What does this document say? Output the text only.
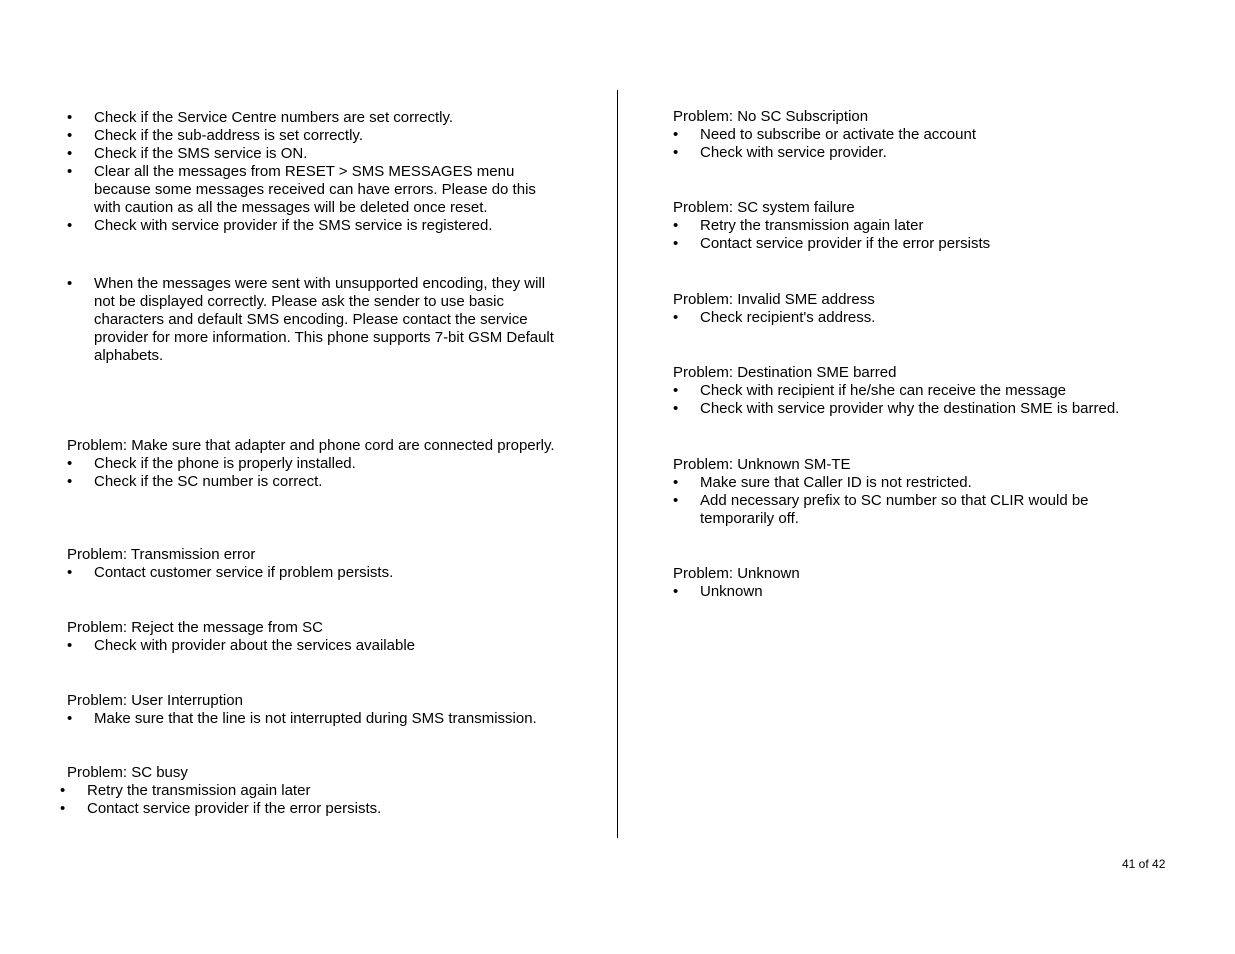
• Check if the Service Centre numbers are set correctly.
• Check if the sub-address is set correctly.
• Check if the SMS service is ON.
• Clear all the messages from RESET > SMS MESSAGES menu because some messages received can have errors. Please do this with caution as all the messages will be deleted once reset.
• Check with service provider if the SMS service is registered.
• When the messages were sent with unsupported encoding, they will not be displayed correctly. Please ask the sender to use basic characters and default SMS encoding. Please contact the service provider for more information. This phone supports 7-bit GSM Default alphabets.

Problem: Make sure that adapter and phone cord are connected properly.

• Check if the phone is properly installed.
• Check if the SC number is correct.

Problem: Transmission error

• Contact customer service if problem persists.

Problem: Reject the message from SC

• Check with provider about the services available

Problem: User Interruption

• Make sure that the line is not interrupted during SMS transmission.

Problem: SC busy

• Retry the transmission again later
• Contact service provider if the error persists.

Problem: No SC Subscription

• Need to subscribe or activate the account
• Check with service provider.

Problem: SC system failure

• Retry the transmission again later
• Contact service provider if the error persists

Problem: Invalid SME address

• Check recipient's address.

Problem: Destination SME barred

• Check with recipient if he/she can receive the message
• Check with service provider why the destination SME is barred.

Problem: Unknown SM-TE

• Make sure that Caller ID is not restricted.
• Add necessary prefix to SC number so that CLIR would be temporarily off.

Problem: Unknown

• Unknown
41 of 42
